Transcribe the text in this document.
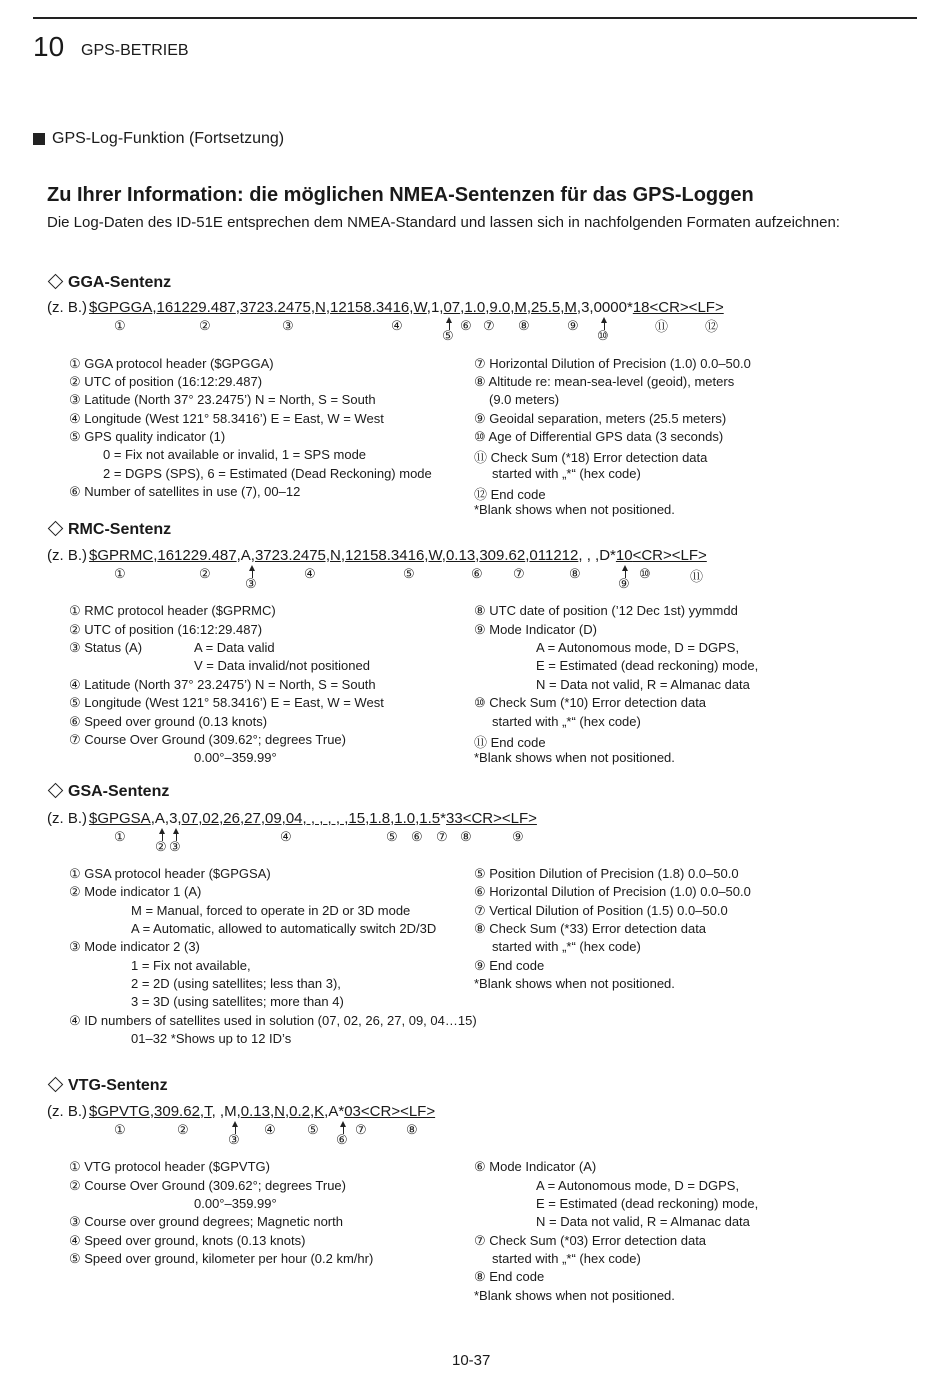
10 GPS-BETRIEB
GPS-Log-Funktion (Fortsetzung)
Zu Ihrer Information: die möglichen NMEA-Sentenzen für das GPS-Loggen
Die Log-Daten des ID-51E entsprechen dem NMEA-Standard und lassen sich in nachfolgenden Formaten aufzeichnen:
GGA-Sentenz
(z. B.) $GPGGA,161229.487,3723.2475,N,12158.3416,W,1,07,1.0,9.0,M,25.5,M,3,0000*18<CR><LF>
①	②	③	④
⑤
⑥ ⑦ ⑧	⑨
⑩
⑪	⑫
① GGA protocol header ($GPGGA)
② UTC of position (16:12:29.487)
③ Latitude (North 37° 23.2475’) N = North, S = South
④ Longitude (West 121° 58.3416’) E = East, W = West
⑤ GPS quality indicator (1)
0 = Fix not available or invalid, 1 = SPS mode
2 = DGPS (SPS), 6 = Estimated (Dead Reckoning) mode
⑥ Number of satellites in use (7), 00–12
⑦ Horizontal Dilution of Precision (1.0) 0.0–50.0
⑧ Altitude re: mean-sea-level (geoid), meters
(9.0 meters)
⑨ Geoidal separation, meters (25.5 meters)
⑩ Age of Differential GPS data (3 seconds)
⑪ Check Sum (*18) Error detection data
started with „*“ (hex code)
⑫ End code
*Blank shows when not positioned.
RMC-Sentenz
(z. B.) $GPRMC,161229.487,A,3723.2475,N,12158.3416,W,0.13,309.62,011212, , ,D*10<CR><LF>
①	②
③
④	⑤	⑥ ⑦	⑧
⑨
⑩	⑪
① RMC protocol header ($GPRMC)
② UTC of position (16:12:29.487)
③ Status (A)	A = Data valid
V = Data invalid/not positioned
④ Latitude (North 37° 23.2475’) N = North, S = South
⑤ Longitude (West 121° 58.3416’) E = East, W = West
⑥ Speed over ground (0.13 knots)
⑦ Course Over Ground (309.62°; degrees True)
0.00°–359.99°
⑧ UTC date of position (’12 Dec 1st) yymmdd
⑨ Mode Indicator (D)
A = Autonomous mode, D = DGPS,
E = Estimated (dead reckoning) mode,
N = Data not valid, R = Almanac data
⑩ Check Sum (*10) Error detection data
started with „*“ (hex code)
⑪ End code
*Blank shows when not positioned.
GSA-Sentenz
(z. B.) $GPGSA,A,3,07,02,26,27,09,04, , , , , ,15,1.8,1.0,1.5*33<CR><LF>
①
② ③
④	⑤ ⑥ ⑦ ⑧	⑨
① GSA protocol header ($GPGSA)
② Mode indicator 1 (A)
M = Manual, forced to operate in 2D or 3D mode
A = Automatic, allowed to automatically switch 2D/3D
③ Mode indicator 2 (3)
1 = Fix not available,
2 = 2D (using satellites; less than 3),
3 = 3D (using satellites; more than 4)
④ ID numbers of satellites used in solution (07, 02, 26, 27, 09, 04…15)
01–32 *Shows up to 12 ID’s
⑤ Position Dilution of Precision (1.8) 0.0–50.0
⑥ Horizontal Dilution of Precision (1.0) 0.0–50.0
⑦ Vertical Dilution of Position (1.5) 0.0–50.0
⑧ Check Sum (*33) Error detection data
started with „*“ (hex code)
⑨ End code
*Blank shows when not positioned.
VTG-Sentenz
(z. B.) $GPVTG,309.62,T, ,M,0.13,N,0.2,K,A*03<CR><LF>
①	②
③
④ ⑤
⑥
⑦	⑧
① VTG protocol header ($GPVTG)
② Course Over Ground (309.62°; degrees True)
0.00°–359.99°
③ Course over ground degrees; Magnetic north
④ Speed over ground, knots (0.13 knots)
⑤ Speed over ground, kilometer per hour (0.2 km/hr)
⑥ Mode Indicator (A)
A = Autonomous mode, D = DGPS,
E = Estimated (dead reckoning) mode,
N = Data not valid, R = Almanac data
⑦ Check Sum (*03) Error detection data
started with „*“ (hex code)
⑧ End code
*Blank shows when not positioned.
10-37
